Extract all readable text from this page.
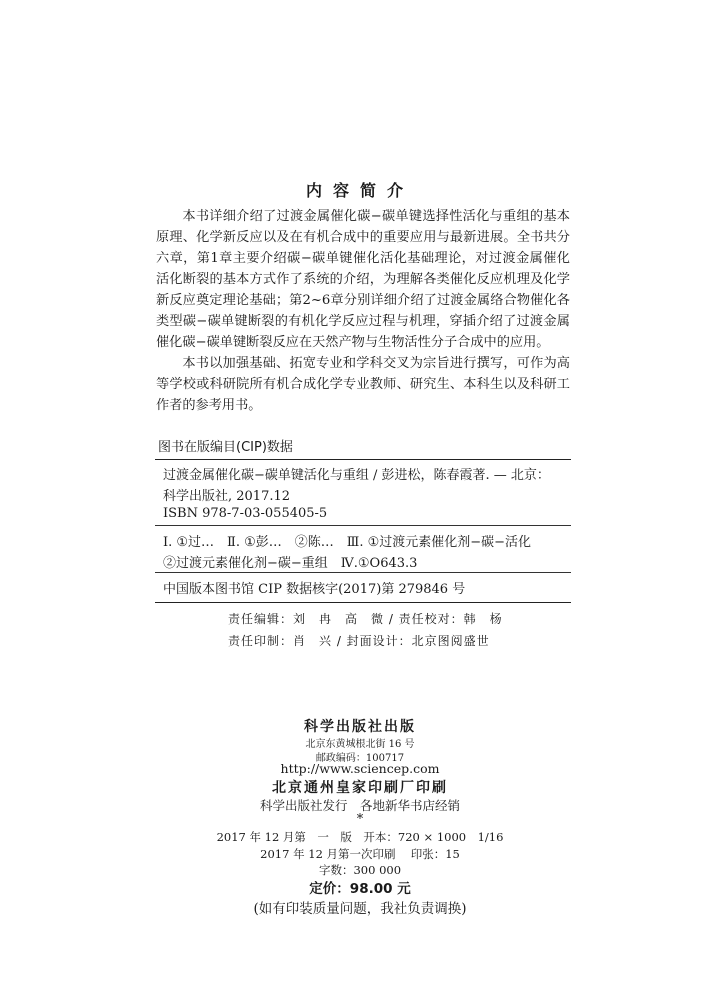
内容简介
本书详细介绍了过渡金属催化碳−碳单键选择性活化与重组的基本原理、化学新反应以及在有机合成中的重要应用与最新进展。全书共分六章，第1章主要介绍碳−碳单键催化活化基础理论，对过渡金属催化活化断裂的基本方式作了系统的介绍，为理解各类催化反应机理及化学新反应奠定理论基础；第2~6章分别详细介绍了过渡金属络合物催化各类型碳−碳单键断裂的有机化学反应过程与机理，穿插介绍了过渡金属催化碳−碳单键断裂反应在天然产物与生物活性分子合成中的应用。
本书以加强基础、拓宽专业和学科交叉为宗旨进行撰写，可作为高等学校或科研院所有机合成化学专业教师、研究生、本科生以及科研工作者的参考用书。
图书在版编目(CIP)数据
过渡金属催化碳−碳单键活化与重组 / 彭进松，陈春霞著. — 北京：
科学出版社, 2017.12
ISBN 978-7-03-055405-5
Ⅰ. ①过…　Ⅱ. ①彭…　②陈…　Ⅲ. ①过渡元素催化剂−碳−活化
②过渡元素催化剂−碳−重组　Ⅳ.①O643.3
中国版本图书馆 CIP 数据核字(2017)第 279846 号
责任编辑：刘　冉　高　微 / 责任校对：韩　杨
责任印制：肖　兴 / 封面设计：北京图阅盛世
科学出版社出版
北京东黄城根北街 16 号
邮政编码：100717
http://www.sciencep.com
北京通州皇家印刷厂印刷
科学出版社发行　各地新华书店经销
*
2017 年 12 月第　一　版　开本：720 × 1000　1/16
2017 年 12 月第一次印刷　 印张：15
字数：300 000
定价：98.00 元
(如有印装质量问题，我社负责调换)
